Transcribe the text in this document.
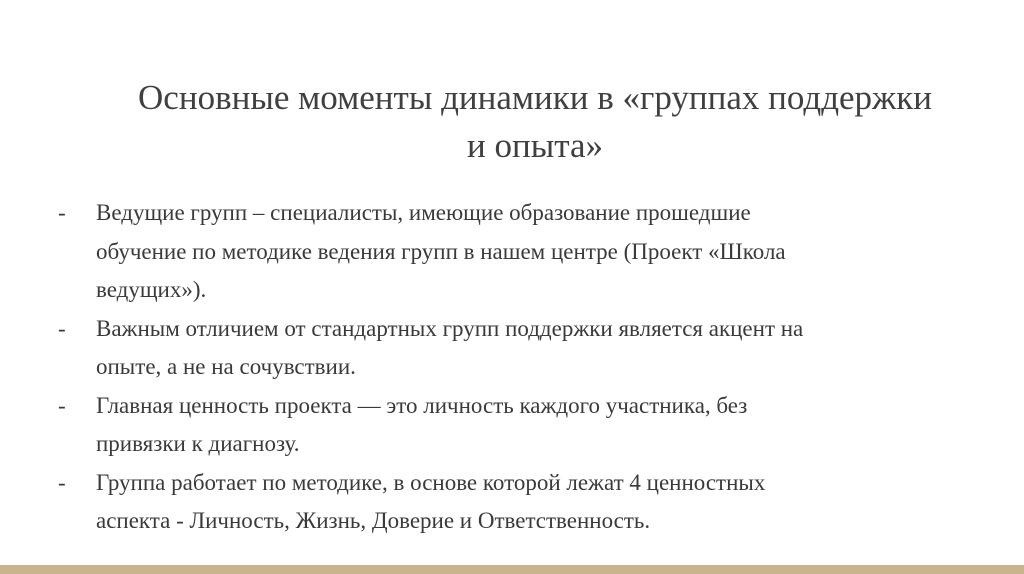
Основные моменты динамики в «группах поддержки
и опыта»
- Ведущие групп – специалисты, имеющие образование прошедшие
обучение по методике ведения групп в нашем центре (Проект «Школа
ведущих»).
- Важным отличием от стандартных групп поддержки является акцент на
опыте, а не на сочувствии.
- Главная ценность проекта — это личность каждого участника, без
привязки к диагнозу.
- Группа работает по методике, в основе которой лежат 4 ценностных
аспекта - Личность, Жизнь, Доверие и Ответственность.
